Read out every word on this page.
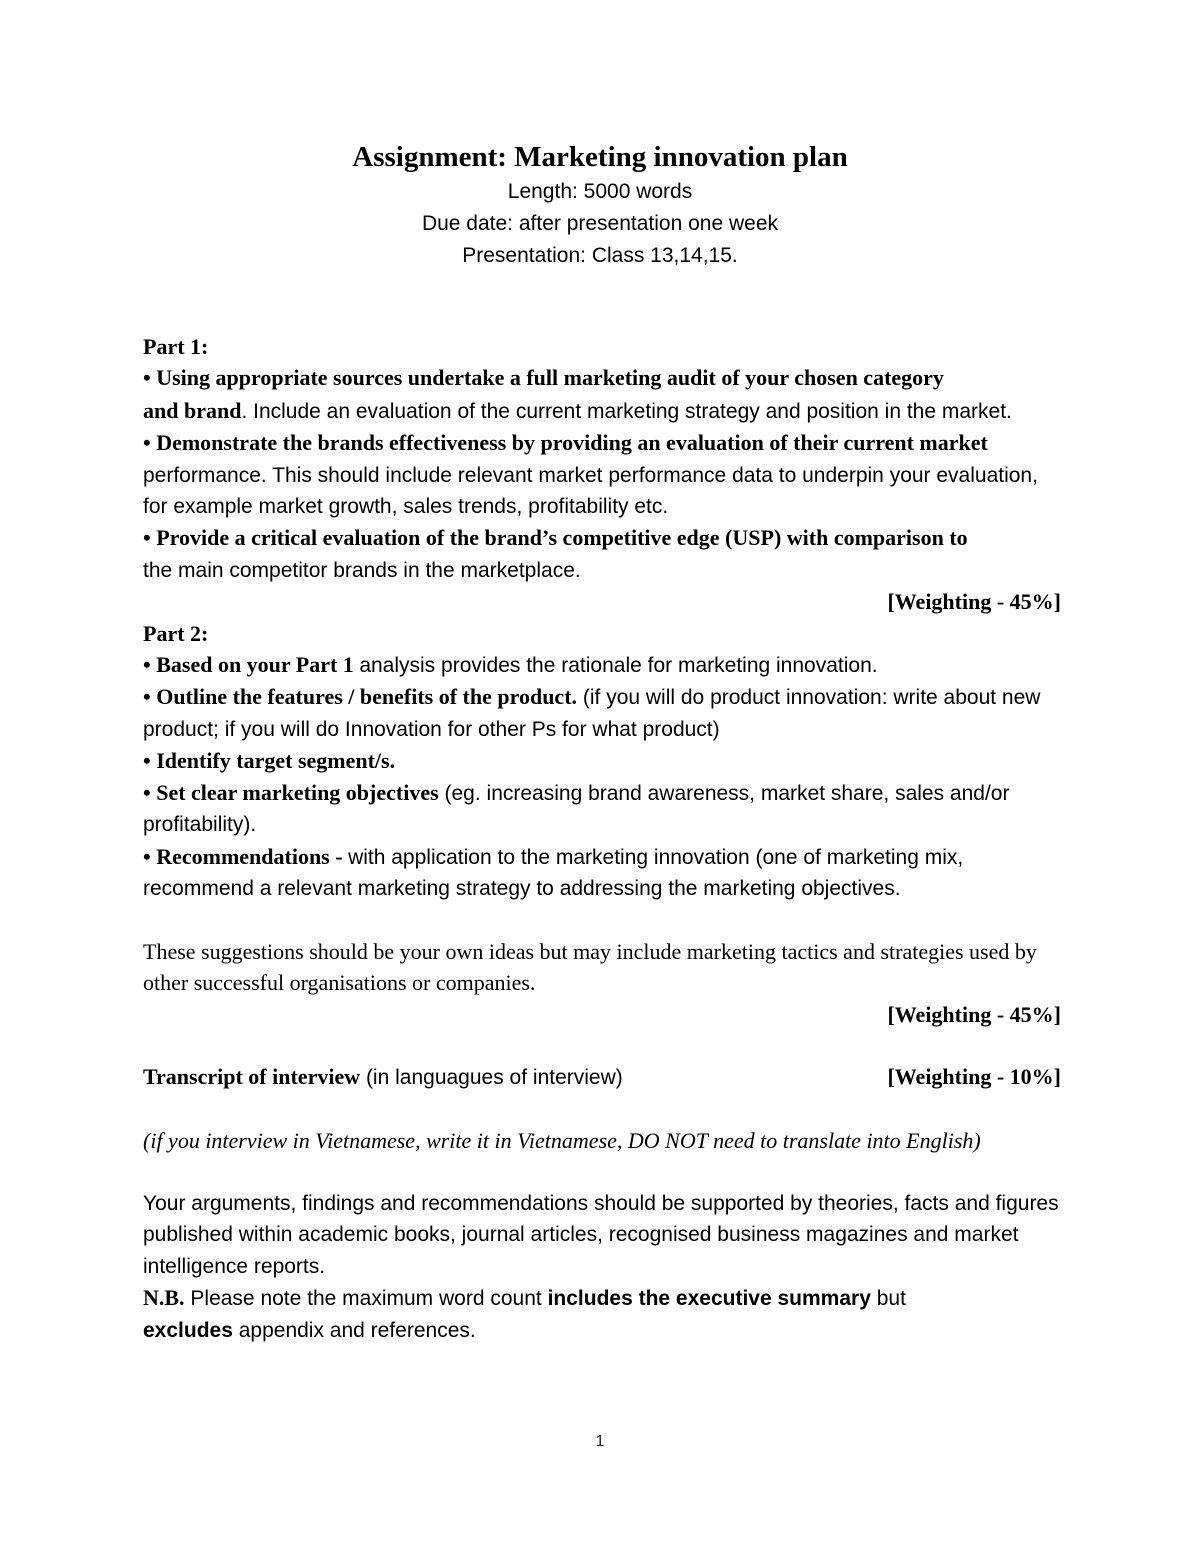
Assignment: Marketing innovation plan

Length: 5000 words

Due date: after presentation one week

Presentation: Class 13,14,15.

Part 1:

• Using appropriate sources undertake a full marketing audit of your chosen category
and brand. Include an evaluation of the current marketing strategy and position in the market.

• Demonstrate the brands effectiveness by providing an evaluation of their current market
performance. This should include relevant market performance data to underpin your evaluation, for example market growth, sales trends, profitability etc.

• Provide a critical evaluation of the brand’s competitive edge (USP) with comparison to
the main competitor brands in the marketplace.

[Weighting - 45%]

Part 2:

• Based on your Part 1 analysis provides the rationale for marketing innovation.

• Outline the features / benefits of the product. (if you will do product innovation: write about new product; if you will do Innovation for other Ps for what product)

• Identify target segment/s.

• Set clear marketing objectives (eg. increasing brand awareness, market share, sales and/or profitability).

• Recommendations - with application to the marketing innovation (one of marketing mix, recommend a relevant marketing strategy to addressing the marketing objectives.

These suggestions should be your own ideas but may include marketing tactics and strategies used by other successful organisations or companies.

[Weighting - 45%]

Transcript of interview (in languagues of interview)	[Weighting - 10%]

(if you interview in Vietnamese, write it in Vietnamese, DO NOT need to translate into English)

Your arguments, findings and recommendations should be supported by theories, facts and figures published within academic books, journal articles, recognised business magazines and market intelligence reports.

N.B. Please note the maximum word count includes the executive summary but
excludes appendix and references.

1
